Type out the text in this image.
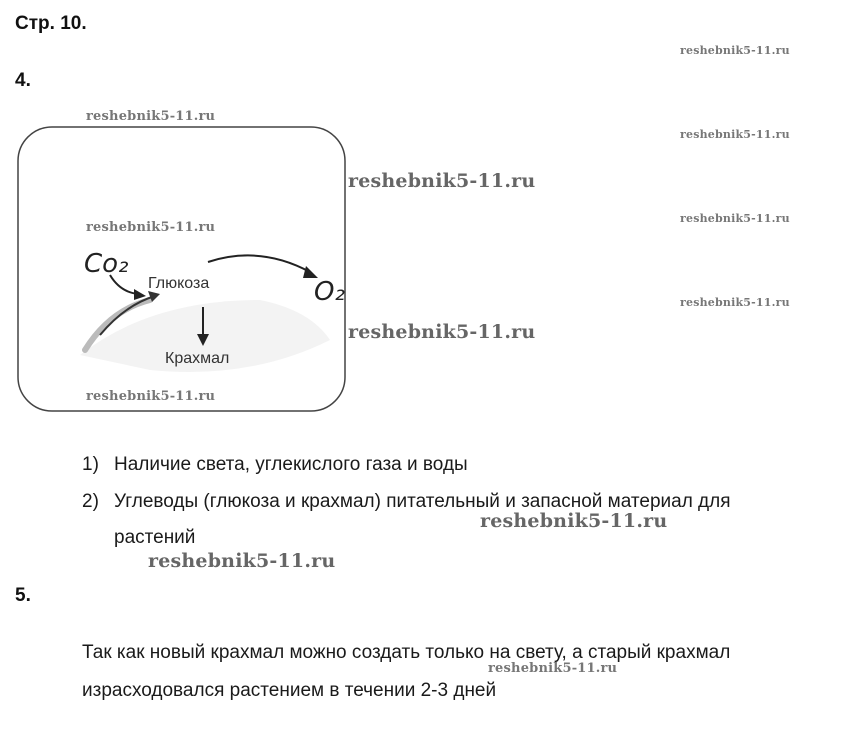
Стр. 10.
4.
Глюкоза
Крахмал
Co₂
O₂
1) Наличие света, углекислого газа и воды
2) Углеводы (глюкоза и крахмал) питательный и запасной материал для
растений
5.
Так как новый крахмал можно создать только на свету, а старый крахмал
израсходовался растением в течении 2-3 дней
reshebnik5-11.ru
reshebnik5-11.ru
reshebnik5-11.ru
reshebnik5-11.ru
reshebnik5-11.ru
reshebnik5-11.ru
reshebnik5-11.ru
reshebnik5-11.ru
reshebnik5-11.ru
reshebnik5-11.ru
reshebnik5-11.ru
reshebnik5-11.ru
